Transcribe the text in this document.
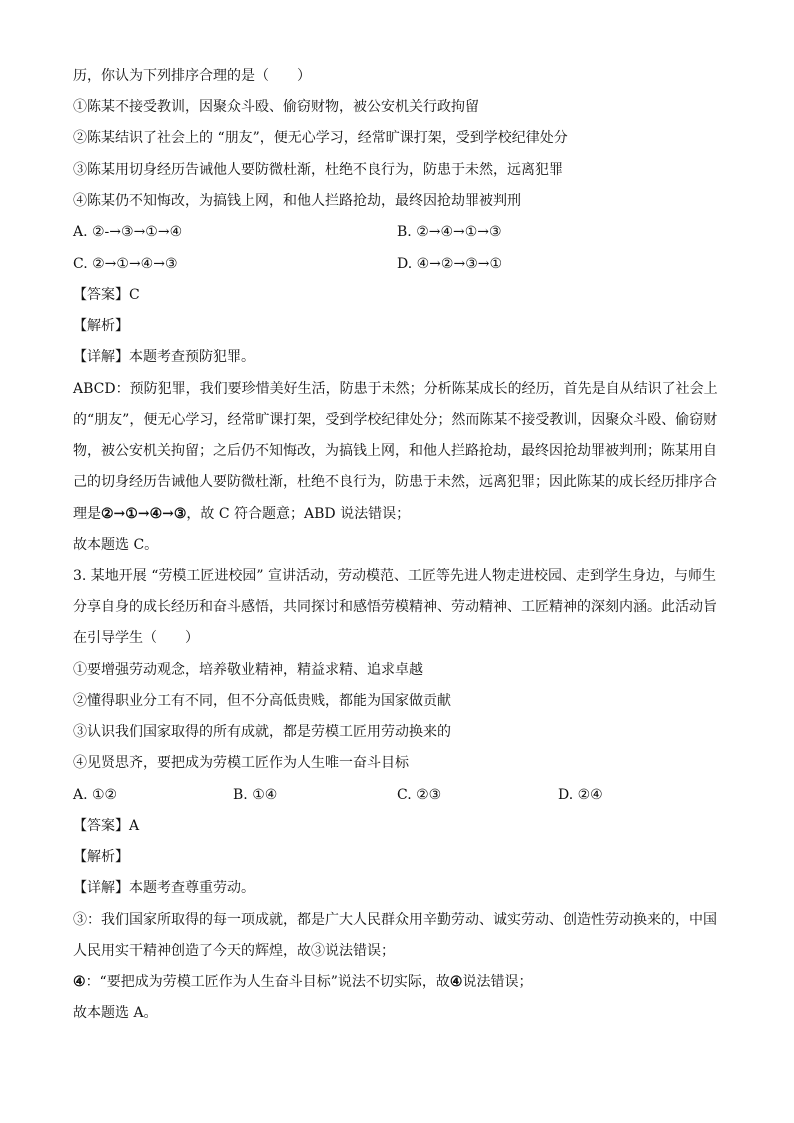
历，你认为下列排序合理的是（　　）
①陈某不接受教训，因聚众斗殴、偷窃财物，被公安机关行政拘留
②陈某结识了社会上的 “朋友”，便无心学习，经常旷课打架，受到学校纪律处分
③陈某用切身经历告诫他人要防微杜渐，杜绝不良行为，防患于未然，远离犯罪
④陈某仍不知悔改，为搞钱上网，和他人拦路抢劫，最终因抢劫罪被判刑
A. ②-→③→①→④	B. ②→④→①→③
C. ②→①→④→③	D. ④→②→③→①
【答案】C
【解析】
【详解】本题考查预防犯罪。
ABCD：预防犯罪，我们要珍惜美好生活，防患于未然；分析陈某成长的经历，首先是自从结识了社会上
的“朋友”，便无心学习，经常旷课打架，受到学校纪律处分；然而陈某不接受教训，因聚众斗殴、偷窃财
物，被公安机关拘留；之后仍不知悔改，为搞钱上网，和他人拦路抢劫，最终因抢劫罪被判刑；陈某用自
己的切身经历告诫他人要防微杜渐，杜绝不良行为，防患于未然，远离犯罪；因此陈某的成长经历排序合
理是②→①→④→③，故 C 符合题意；ABD 说法错误；
故本题选 C。
3. 某地开展 “劳模工匠进校园” 宣讲活动，劳动模范、工匠等先进人物走进校园、走到学生身边，与师生
分享自身的成长经历和奋斗感悟，共同探讨和感悟劳模精神、劳动精神、工匠精神的深刻内涵。此活动旨
在引导学生（　　）
①要增强劳动观念，培养敬业精神，精益求精、追求卓越
②懂得职业分工有不同，但不分高低贵贱，都能为国家做贡献
③认识我们国家取得的所有成就，都是劳模工匠用劳动换来的
④见贤思齐，要把成为劳模工匠作为人生唯一奋斗目标
A. ①②	B. ①④	C. ②③	D. ②④
【答案】A
【解析】
【详解】本题考查尊重劳动。
③：我们国家所取得的每一项成就，都是广大人民群众用辛勤劳动、诚实劳动、创造性劳动换来的，中国
人民用实干精神创造了今天的辉煌，故③说法错误；
④：“要把成为劳模工匠作为人生奋斗目标”说法不切实际，故④说法错误；
故本题选 A。
